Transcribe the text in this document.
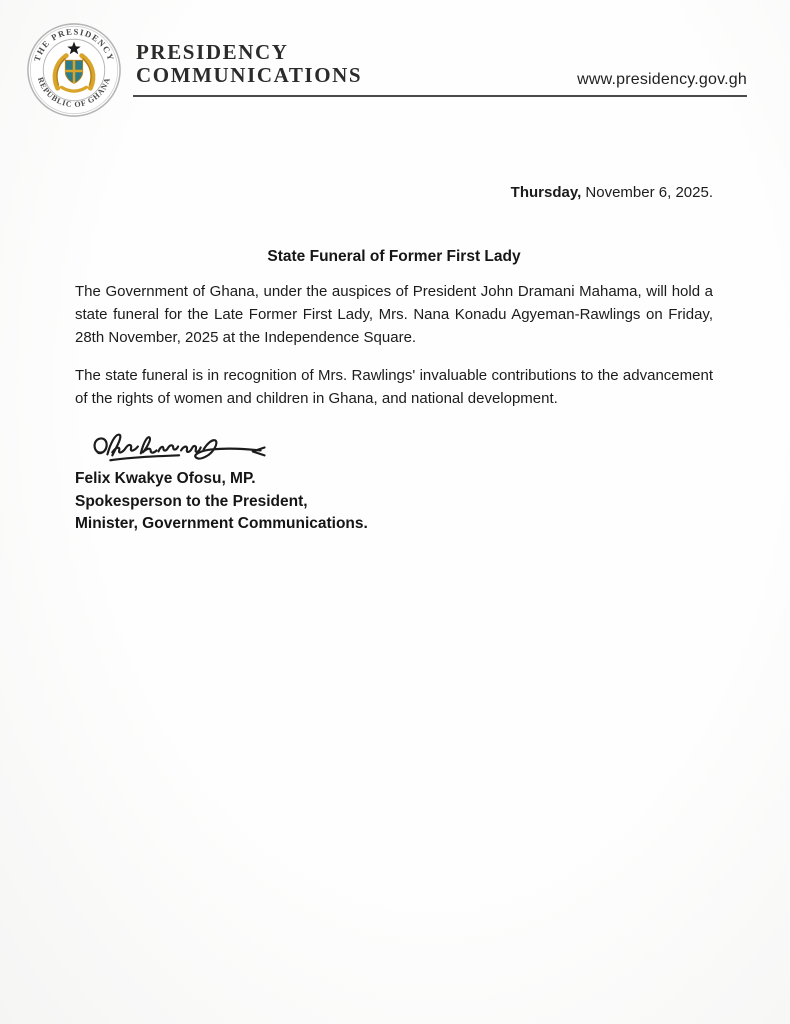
THE PRESIDENCY
REPUBLIC OF GHANA
PRESIDENCY
COMMUNICATIONS	www.presidency.gov.gh
Thursday, November 6, 2025.
State Funeral of Former First Lady

The Government of Ghana, under the auspices of President John Dramani Mahama, will hold a state funeral for the Late Former First Lady, Mrs. Nana Konadu Agyeman-Rawlings on Friday, 28th November, 2025 at the Independence Square.

The state funeral is in recognition of Mrs. Rawlings' invaluable contributions to the advancement of the rights of women and children in Ghana, and national development.

Felix Kwakye Ofosu, MP.
Spokesperson to the President,
Minister, Government Communications.
